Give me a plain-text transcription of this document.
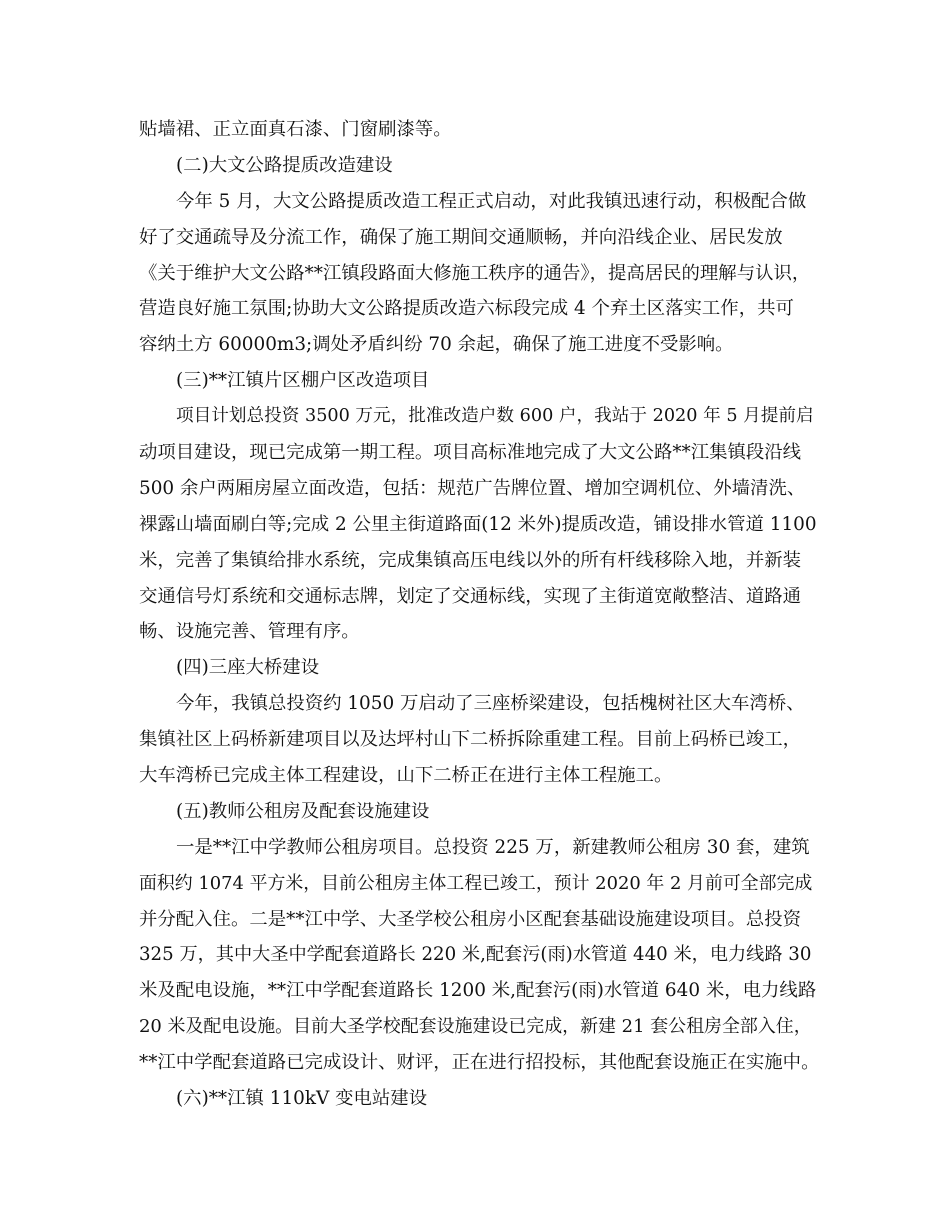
贴墙裙、正立面真石漆、门窗刷漆等。
(二)大文公路提质改造建设
今年 5 月，大文公路提质改造工程正式启动，对此我镇迅速行动，积极配合做
好了交通疏导及分流工作，确保了施工期间交通顺畅，并向沿线企业、居民发放
《关于维护大文公路**江镇段路面大修施工秩序的通告》，提高居民的理解与认识，
营造良好施工氛围;协助大文公路提质改造六标段完成 4 个弃土区落实工作，共可
容纳土方 60000m3;调处矛盾纠纷 70 余起，确保了施工进度不受影响。
(三)**江镇片区棚户区改造项目
项目计划总投资 3500 万元，批准改造户数 600 户，我站于 2020 年 5 月提前启
动项目建设，现已完成第一期工程。项目高标准地完成了大文公路**江集镇段沿线
500 余户两厢房屋立面改造，包括：规范广告牌位置、增加空调机位、外墙清洗、
裸露山墙面刷白等;完成 2 公里主街道路面(12 米外)提质改造，铺设排水管道 1100
米，完善了集镇给排水系统，完成集镇高压电线以外的所有杆线移除入地，并新装
交通信号灯系统和交通标志牌，划定了交通标线，实现了主街道宽敞整洁、道路通
畅、设施完善、管理有序。
(四)三座大桥建设
今年，我镇总投资约 1050 万启动了三座桥梁建设，包括槐树社区大车湾桥、
集镇社区上码桥新建项目以及达坪村山下二桥拆除重建工程。目前上码桥已竣工，
大车湾桥已完成主体工程建设，山下二桥正在进行主体工程施工。
(五)教师公租房及配套设施建设
一是**江中学教师公租房项目。总投资 225 万，新建教师公租房 30 套，建筑
面积约 1074 平方米，目前公租房主体工程已竣工，预计 2020 年 2 月前可全部完成
并分配入住。二是**江中学、大圣学校公租房小区配套基础设施建设项目。总投资
325 万，其中大圣中学配套道路长 220 米,配套污(雨)水管道 440 米，电力线路 30
米及配电设施，**江中学配套道路长 1200 米,配套污(雨)水管道 640 米，电力线路
20 米及配电设施。目前大圣学校配套设施建设已完成，新建 21 套公租房全部入住，
**江中学配套道路已完成设计、财评，正在进行招投标，其他配套设施正在实施中。
(六)**江镇 110kV 变电站建设
